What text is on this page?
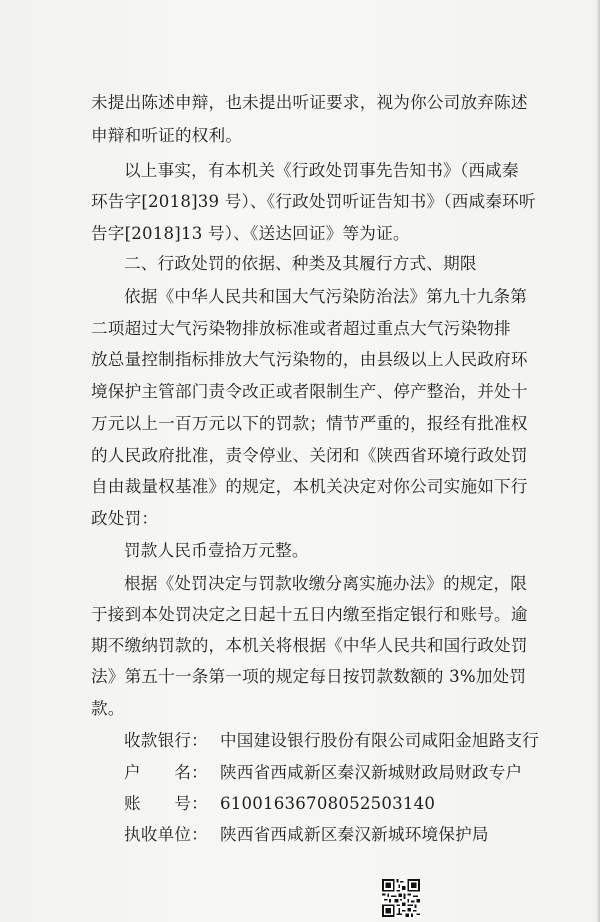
未提出陈述申辩，也未提出听证要求，视为你公司放弃陈述
申辩和听证的权利。
以上事实，有本机关《行政处罚事先告知书》（西咸秦
环告字[2018]39 号）、《行政处罚听证告知书》（西咸秦环听
告字[2018]13 号）、《送达回证》等为证。
二、行政处罚的依据、种类及其履行方式、期限
依据《中华人民共和国大气污染防治法》第九十九条第
二项超过大气污染物排放标准或者超过重点大气污染物排
放总量控制指标排放大气污染物的，由县级以上人民政府环
境保护主管部门责令改正或者限制生产、停产整治，并处十
万元以上一百万元以下的罚款；情节严重的，报经有批准权
的人民政府批准，责令停业、关闭和《陕西省环境行政处罚
自由裁量权基准》的规定，本机关决定对你公司实施如下行
政处罚：
罚款人民币壹拾万元整。
根据《处罚决定与罚款收缴分离实施办法》的规定，限
于接到本处罚决定之日起十五日内缴至指定银行和账号。逾
期不缴纳罚款的，本机关将根据《中华人民共和国行政处罚
法》第五十一条第一项的规定每日按罚款数额的 3%加处罚
款。
收款银行： 中国建设银行股份有限公司咸阳金旭路支行
户　　名： 陕西省西咸新区秦汉新城财政局财政专户
账　　号： 61001636708052503140
执收单位： 陕西省西咸新区秦汉新城环境保护局
